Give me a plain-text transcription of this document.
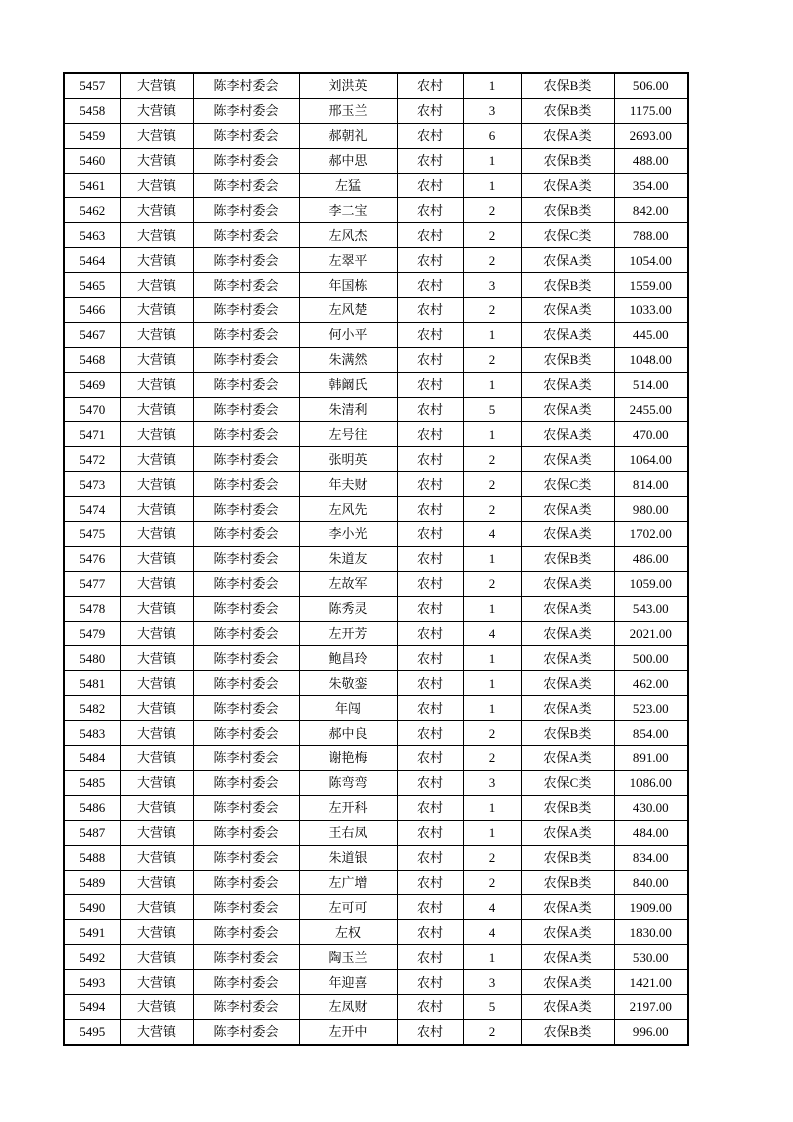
5457	大营镇	陈李村委会	刘洪英	农村	1	农保B类	506.00
5458	大营镇	陈李村委会	邢玉兰	农村	3	农保B类	1175.00
5459	大营镇	陈李村委会	郝朝礼	农村	6	农保A类	2693.00
5460	大营镇	陈李村委会	郝中思	农村	1	农保B类	488.00
5461	大营镇	陈李村委会	左猛	农村	1	农保A类	354.00
5462	大营镇	陈李村委会	李二宝	农村	2	农保B类	842.00
5463	大营镇	陈李村委会	左风杰	农村	2	农保C类	788.00
5464	大营镇	陈李村委会	左翠平	农村	2	农保A类	1054.00
5465	大营镇	陈李村委会	年国栋	农村	3	农保B类	1559.00
5466	大营镇	陈李村委会	左风楚	农村	2	农保A类	1033.00
5467	大营镇	陈李村委会	何小平	农村	1	农保A类	445.00
5468	大营镇	陈李村委会	朱满然	农村	2	农保B类	1048.00
5469	大营镇	陈李村委会	韩阚氏	农村	1	农保A类	514.00
5470	大营镇	陈李村委会	朱清利	农村	5	农保A类	2455.00
5471	大营镇	陈李村委会	左号往	农村	1	农保A类	470.00
5472	大营镇	陈李村委会	张明英	农村	2	农保A类	1064.00
5473	大营镇	陈李村委会	年夫财	农村	2	农保C类	814.00
5474	大营镇	陈李村委会	左风先	农村	2	农保A类	980.00
5475	大营镇	陈李村委会	李小光	农村	4	农保A类	1702.00
5476	大营镇	陈李村委会	朱道友	农村	1	农保B类	486.00
5477	大营镇	陈李村委会	左故军	农村	2	农保A类	1059.00
5478	大营镇	陈李村委会	陈秀灵	农村	1	农保A类	543.00
5479	大营镇	陈李村委会	左开芳	农村	4	农保A类	2021.00
5480	大营镇	陈李村委会	鲍昌玲	农村	1	农保A类	500.00
5481	大营镇	陈李村委会	朱敬銮	农村	1	农保A类	462.00
5482	大营镇	陈李村委会	年闯	农村	1	农保A类	523.00
5483	大营镇	陈李村委会	郝中良	农村	2	农保B类	854.00
5484	大营镇	陈李村委会	谢艳梅	农村	2	农保A类	891.00
5485	大营镇	陈李村委会	陈弯弯	农村	3	农保C类	1086.00
5486	大营镇	陈李村委会	左开科	农村	1	农保B类	430.00
5487	大营镇	陈李村委会	王右凤	农村	1	农保A类	484.00
5488	大营镇	陈李村委会	朱道银	农村	2	农保B类	834.00
5489	大营镇	陈李村委会	左广增	农村	2	农保B类	840.00
5490	大营镇	陈李村委会	左可可	农村	4	农保A类	1909.00
5491	大营镇	陈李村委会	左权	农村	4	农保A类	1830.00
5492	大营镇	陈李村委会	陶玉兰	农村	1	农保A类	530.00
5493	大营镇	陈李村委会	年迎喜	农村	3	农保A类	1421.00
5494	大营镇	陈李村委会	左凤财	农村	5	农保A类	2197.00
5495	大营镇	陈李村委会	左开中	农村	2	农保B类	996.00
